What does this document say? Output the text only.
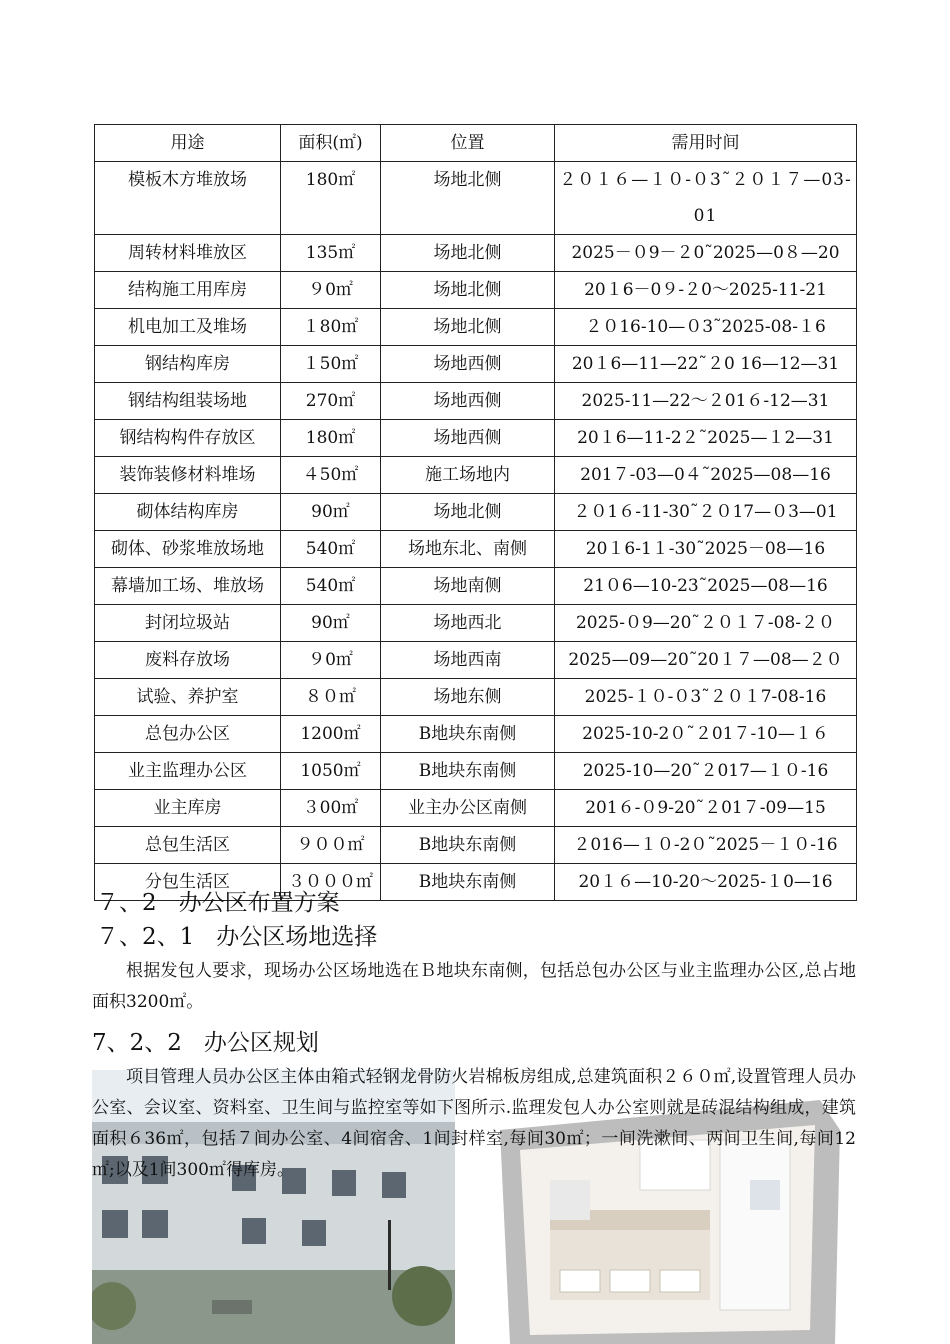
用途	面积(㎡)	位置	需用时间
模板木方堆放场	180㎡	场地北侧	２０１６—１０-０3˜２０１７—03-01
周转材料堆放区	135㎡	场地北侧	2025－０9－２0˜2025—0８—20
结构施工用库房	９0㎡	场地北侧	20１6－0９-２0～2025-11-21
机电加工及堆场	１80㎡	场地北侧	２０16-10—０3˜2025-08-１6
钢结构库房	１50㎡	场地西侧	20１6—11—22˜２0 16—12—31
钢结构组装场地	270㎡	场地西侧	2025-11—22～２01６-12—31
钢结构构件存放区	180㎡	场地西侧	20１6—11-2２˜2025—１2—31
装饰装修材料堆场	４50㎡	施工场地内	201７-03—0４˜2025—08—16
砌体结构库房	90㎡	场地北侧	２０1６-11-30˜２０17—０3—01
砌体、砂浆堆放场地	540㎡	场地东北、南侧	20１6-1１-30˜2025－08—16
幕墙加工场、堆放场	540㎡	场地南侧	21０6—10-23˜2025—08—16
封闭垃圾站	90㎡	场地西北	2025-０9—20˜２０１７-08-２０
废料存放场	９0㎡	场地西南	2025—09—20˜20１７—08—２０
试验、养护室	８０㎡	场地东侧	2025-１０-０3˜２０１7-08-16
总包办公区	1200㎡	B地块东南侧	2025-10-2０˜２01７-10—１６
业主监理办公区	1050㎡	B地块东南侧	2025-10—20˜２017—１０-16
业主库房	３00㎡	业主办公区南侧	201６-０9-20˜２01７-09—15
总包生活区	９００㎡	B地块东南侧	２016—１０-2０˜2025－１０-16
分包生活区	３０００㎡	B地块东南侧	20１６—10-20～2025-１0—16
７、2 办公区布置方案
７、2、1 办公区场地选择
根据发包人要求，现场办公区场地选在Ｂ地块东南侧，包括总包办公区与业主监理办公区,总占地面积3200㎡。
7、2、2 办公区规划
项目管理人员办公区主体由箱式轻钢龙骨防火岩棉板房组成,总建筑面积２６０㎡,设置管理人员办公室、会议室、资料室、卫生间与监控室等如下图所示.监理发包人办公室则就是砖混结构组成，建筑面积６36㎡，包括７间办公室、4间宿舍、1间封样室,每间30㎡；一间洗漱间、两间卫生间,每间12㎡;以及1间300㎡得库房。
